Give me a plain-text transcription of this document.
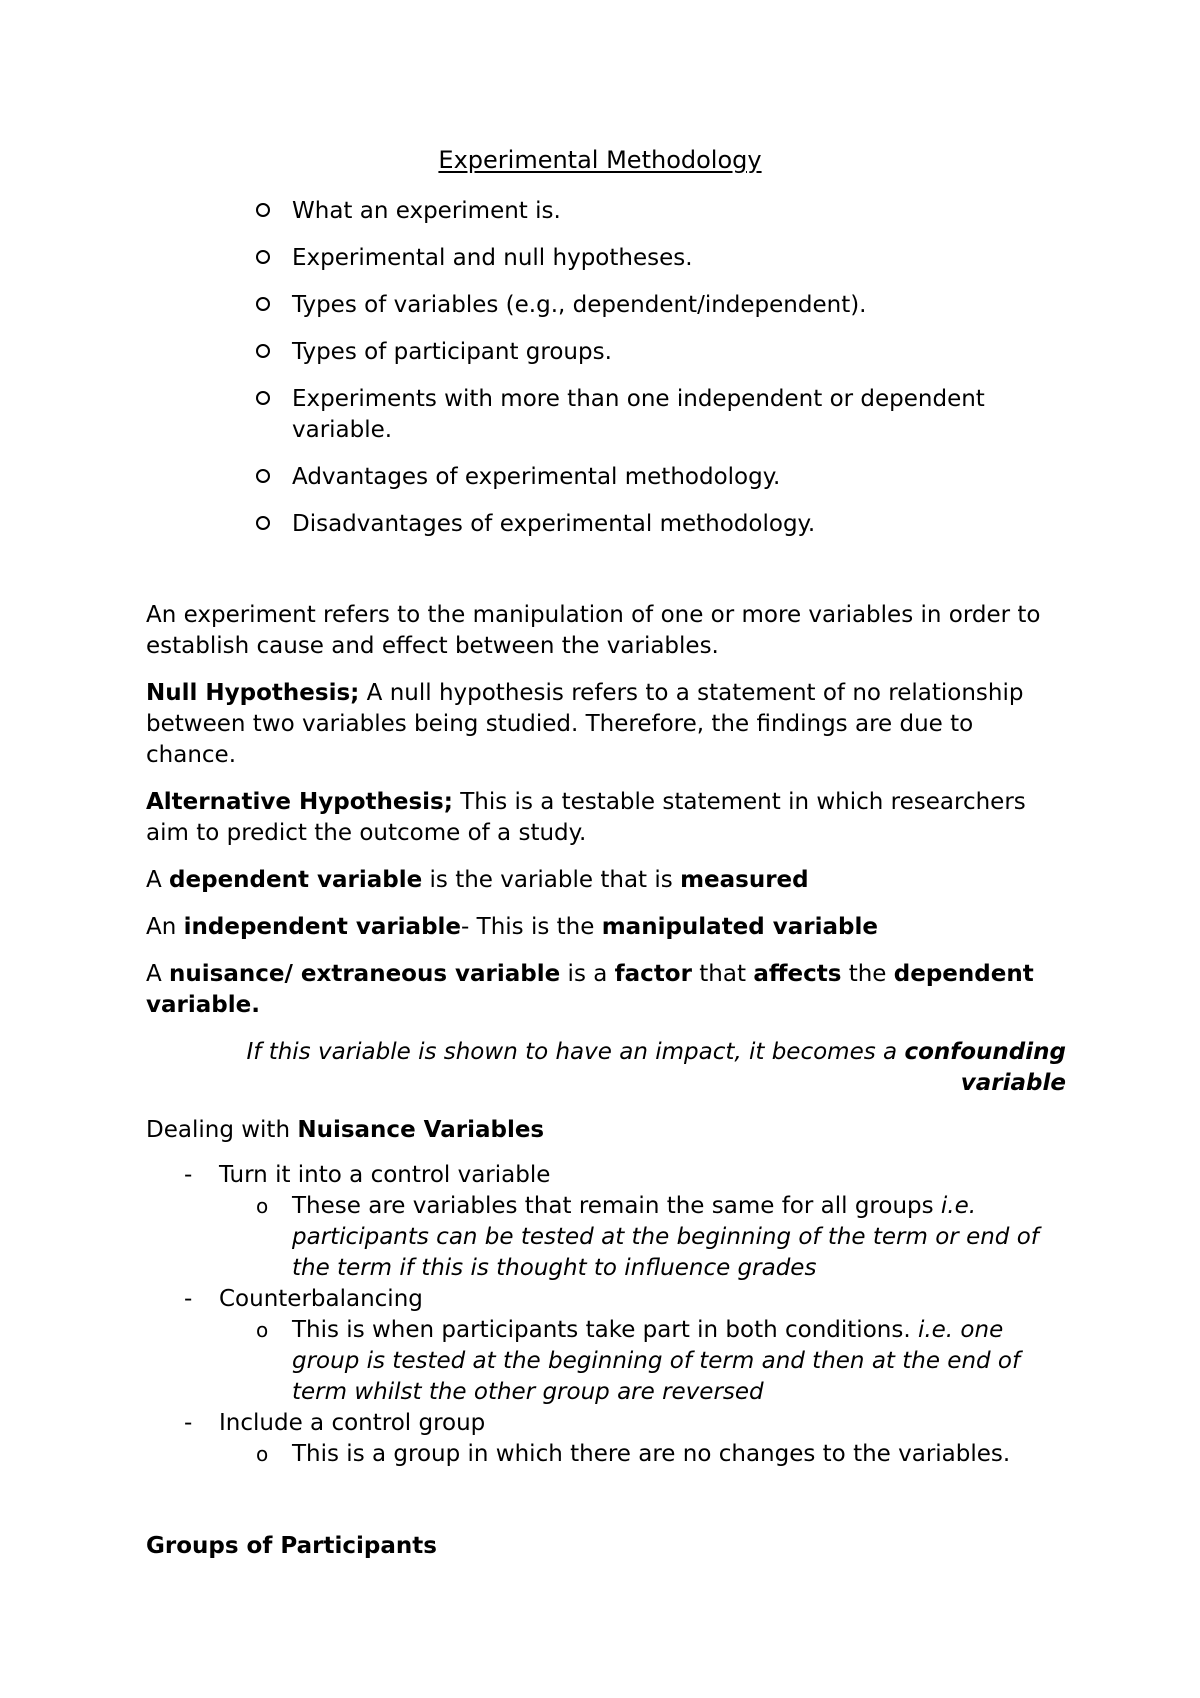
Experimental Methodology
What an experiment is.
Experimental and null hypotheses.
Types of variables (e.g., dependent/independent).
Types of participant groups.
Experiments with more than one independent or dependent variable.
Advantages of experimental methodology.
Disadvantages of experimental methodology.

An experiment refers to the manipulation of one or more variables in order to establish cause and effect between the variables.

Null Hypothesis; A null hypothesis refers to a statement of no relationship between two variables being studied. Therefore, the findings are due to chance.

Alternative Hypothesis; This is a testable statement in which researchers aim to predict the outcome of a study.

A dependent variable is the variable that is measured

An independent variable- This is the manipulated variable

A nuisance/ extraneous variable is a factor that affects the dependent variable.

If this variable is shown to have an impact, it becomes a confounding variable

Dealing with Nuisance Variables

- Turn it into a control variable
o These are variables that remain the same for all groups i.e. participants can be tested at the beginning of the term or end of the term if this is thought to influence grades
- Counterbalancing
o This is when participants take part in both conditions. i.e. one group is tested at the beginning of term and then at the end of term whilst the other group are reversed
- Include a control group
o This is a group in which there are no changes to the variables.
Groups of Participants
